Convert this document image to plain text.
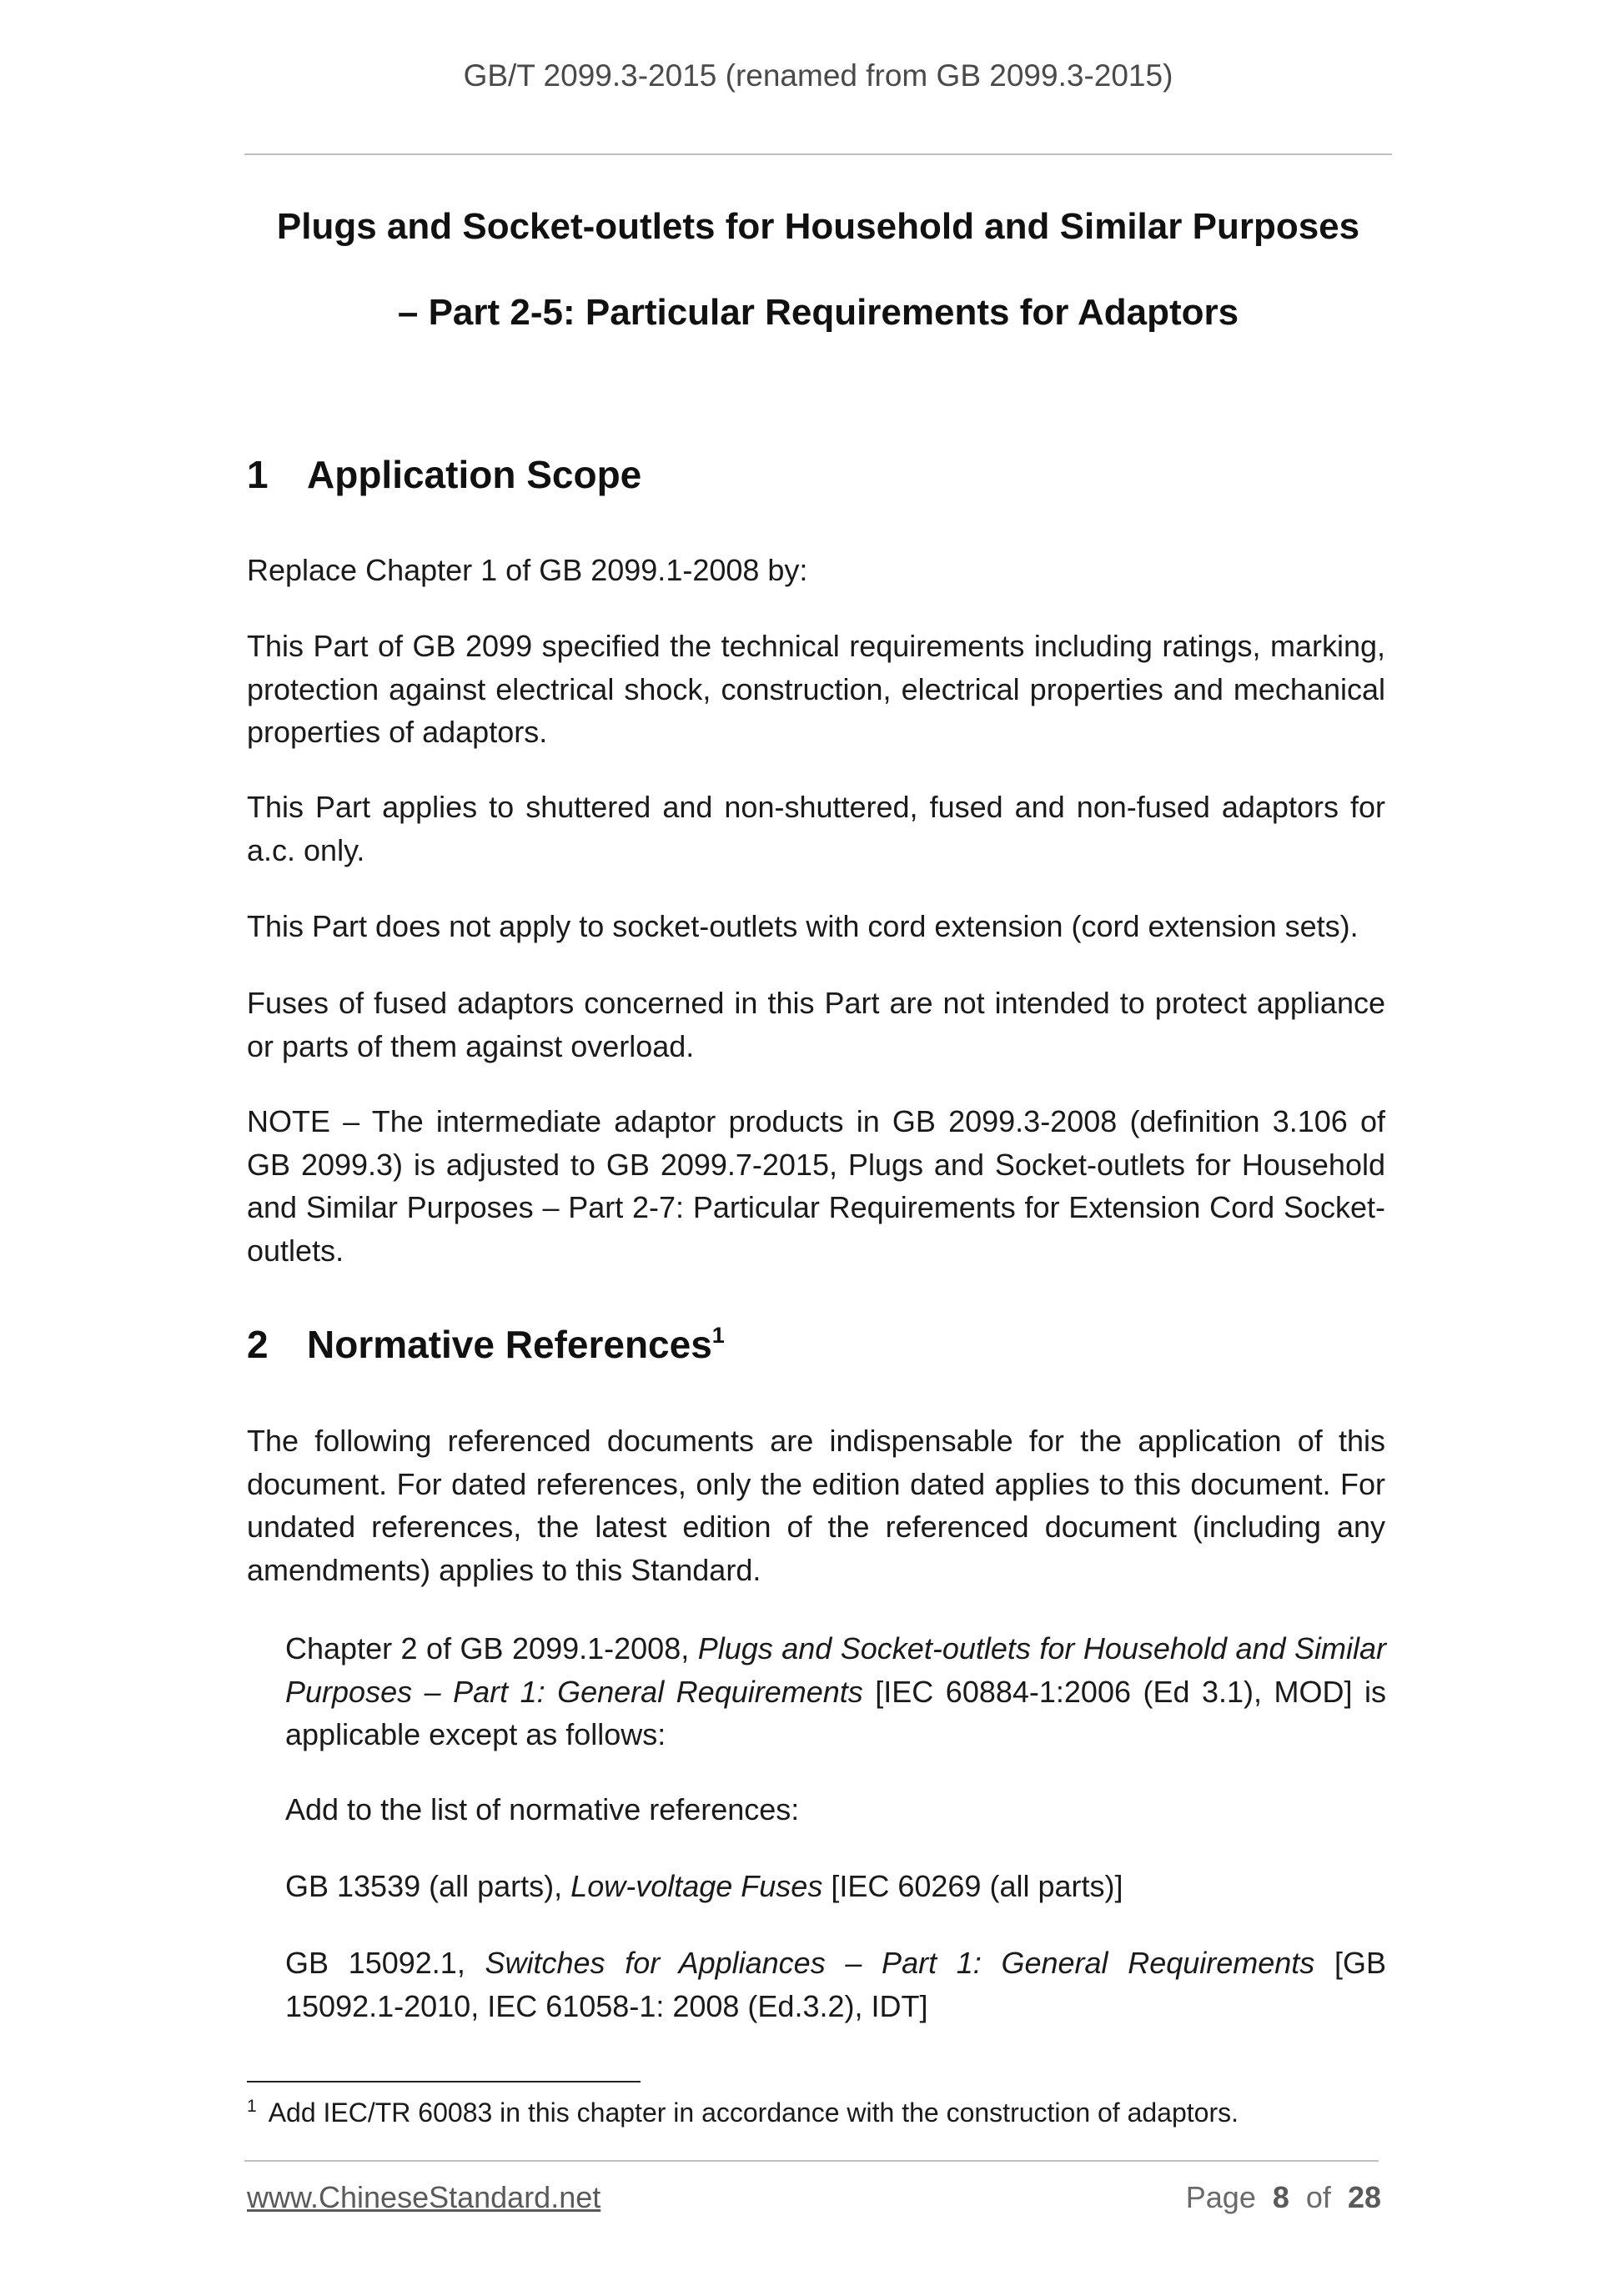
GB/T 2099.3-2015 (renamed from GB 2099.3-2015)
Plugs and Socket-outlets for Household and Similar Purposes
– Part 2-5: Particular Requirements for Adaptors
1 Application Scope
Replace Chapter 1 of GB 2099.1-2008 by:
This Part of GB 2099 specified the technical requirements including ratings, marking, protection against electrical shock, construction, electrical properties and mechanical properties of adaptors.
This Part applies to shuttered and non-shuttered, fused and non-fused adaptors for a.c. only.
This Part does not apply to socket-outlets with cord extension (cord extension sets).
Fuses of fused adaptors concerned in this Part are not intended to protect appliance or parts of them against overload.
NOTE – The intermediate adaptor products in GB 2099.3-2008 (definition 3.106 of GB 2099.3) is adjusted to GB 2099.7-2015, Plugs and Socket-outlets for Household and Similar Purposes – Part 2-7: Particular Requirements for Extension Cord Socket-outlets.
2 Normative References$^1$
The following referenced documents are indispensable for the application of this document. For dated references, only the edition dated applies to this document. For undated references, the latest edition of the referenced document (including any amendments) applies to this Standard.
Chapter 2 of GB 2099.1-2008, Plugs and Socket-outlets for Household and Similar Purposes – Part 1: General Requirements [IEC 60884-1:2006 (Ed 3.1), MOD] is applicable except as follows:
Add to the list of normative references:
GB 13539 (all parts), Low-voltage Fuses [IEC 60269 (all parts)]
GB 15092.1, Switches for Appliances – Part 1: General Requirements [GB 15092.1-2010, IEC 61058-1: 2008 (Ed.3.2), IDT]
$^1$ Add IEC/TR 60083 in this chapter in accordance with the construction of adaptors.
www.ChineseStandard.net	Page 8 of 28
